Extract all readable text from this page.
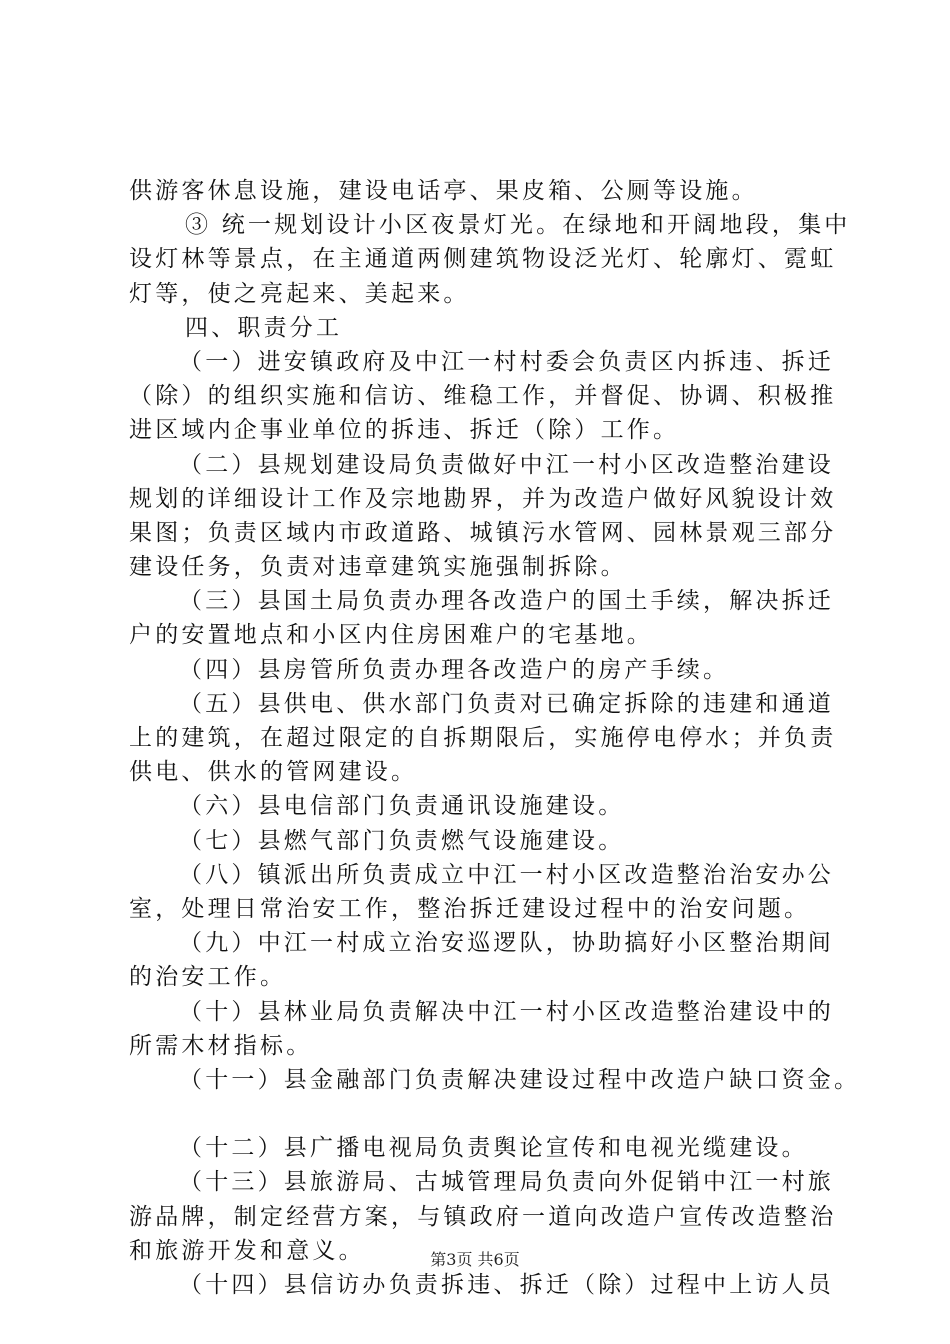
供游客休息设施，建设电话亭、果皮箱、公厕等设施。
③ 统一规划设计小区夜景灯光。在绿地和开阔地段，集中
设灯林等景点，在主通道两侧建筑物设泛光灯、轮廓灯、霓虹
灯等，使之亮起来、美起来。
四、职责分工
（一）进安镇政府及中江一村村委会负责区内拆违、拆迁
（除）的组织实施和信访、维稳工作，并督促、协调、积极推
进区域内企事业单位的拆违、拆迁（除）工作。
（二）县规划建设局负责做好中江一村小区改造整治建设
规划的详细设计工作及宗地勘界，并为改造户做好风貌设计效
果图；负责区域内市政道路、城镇污水管网、园林景观三部分
建设任务，负责对违章建筑实施强制拆除。
（三）县国土局负责办理各改造户的国土手续，解决拆迁
户的安置地点和小区内住房困难户的宅基地。
（四）县房管所负责办理各改造户的房产手续。
（五）县供电、供水部门负责对已确定拆除的违建和通道
上的建筑，在超过限定的自拆期限后，实施停电停水；并负责
供电、供水的管网建设。
（六）县电信部门负责通讯设施建设。
（七）县燃气部门负责燃气设施建设。
（八）镇派出所负责成立中江一村小区改造整治治安办公
室，处理日常治安工作，整治拆迁建设过程中的治安问题。
（九）中江一村成立治安巡逻队，协助搞好小区整治期间
的治安工作。
（十）县林业局负责解决中江一村小区改造整治建设中的
所需木材指标。
（十一）县金融部门负责解决建设过程中改造户缺口资金。
（十二）县广播电视局负责舆论宣传和电视光缆建设。
（十三）县旅游局、古城管理局负责向外促销中江一村旅
游品牌，制定经营方案，与镇政府一道向改造户宣传改造整治
和旅游开发和意义。
（十四）县信访办负责拆违、拆迁（除）过程中上访人员
第3页 共6页
